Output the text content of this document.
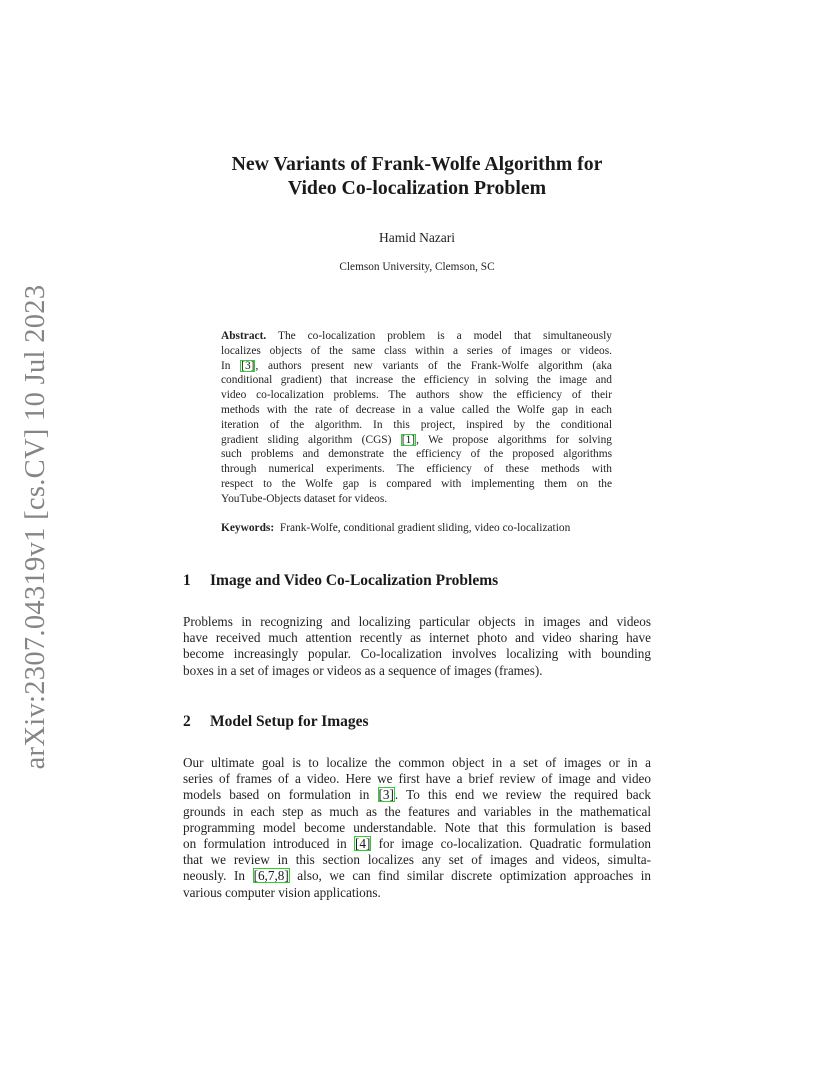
arXiv:2307.04319v1 [cs.CV] 10 Jul 2023
New Variants of Frank-Wolfe Algorithm for
Video Co-localization Problem
Hamid Nazari
Clemson University, Clemson, SC
Abstract. The co-localization problem is a model that simultaneously
localizes objects of the same class within a series of images or videos.
In [3], authors present new variants of the Frank-Wolfe algorithm (aka
conditional gradient) that increase the efficiency in solving the image and
video co-localization problems. The authors show the efficiency of their
methods with the rate of decrease in a value called the Wolfe gap in each
iteration of the algorithm. In this project, inspired by the conditional
gradient sliding algorithm (CGS) [1], We propose algorithms for solving
such problems and demonstrate the efficiency of the proposed algorithms
through numerical experiments. The efficiency of these methods with
respect to the Wolfe gap is compared with implementing them on the
YouTube-Objects dataset for videos.
Keywords: Frank-Wolfe, conditional gradient sliding, video co-localization
1 Image and Video Co-Localization Problems
Problems in recognizing and localizing particular objects in images and videos
have received much attention recently as internet photo and video sharing have
become increasingly popular. Co-localization involves localizing with bounding
boxes in a set of images or videos as a sequence of images (frames).
2 Model Setup for Images
Our ultimate goal is to localize the common object in a set of images or in a
series of frames of a video. Here we first have a brief review of image and video
models based on formulation in [3]. To this end we review the required back
grounds in each step as much as the features and variables in the mathematical
programming model become understandable. Note that this formulation is based
on formulation introduced in [4] for image co-localization. Quadratic formulation
that we review in this section localizes any set of images and videos, simulta-
neously. In [6,7,8] also, we can find similar discrete optimization approaches in
various computer vision applications.
